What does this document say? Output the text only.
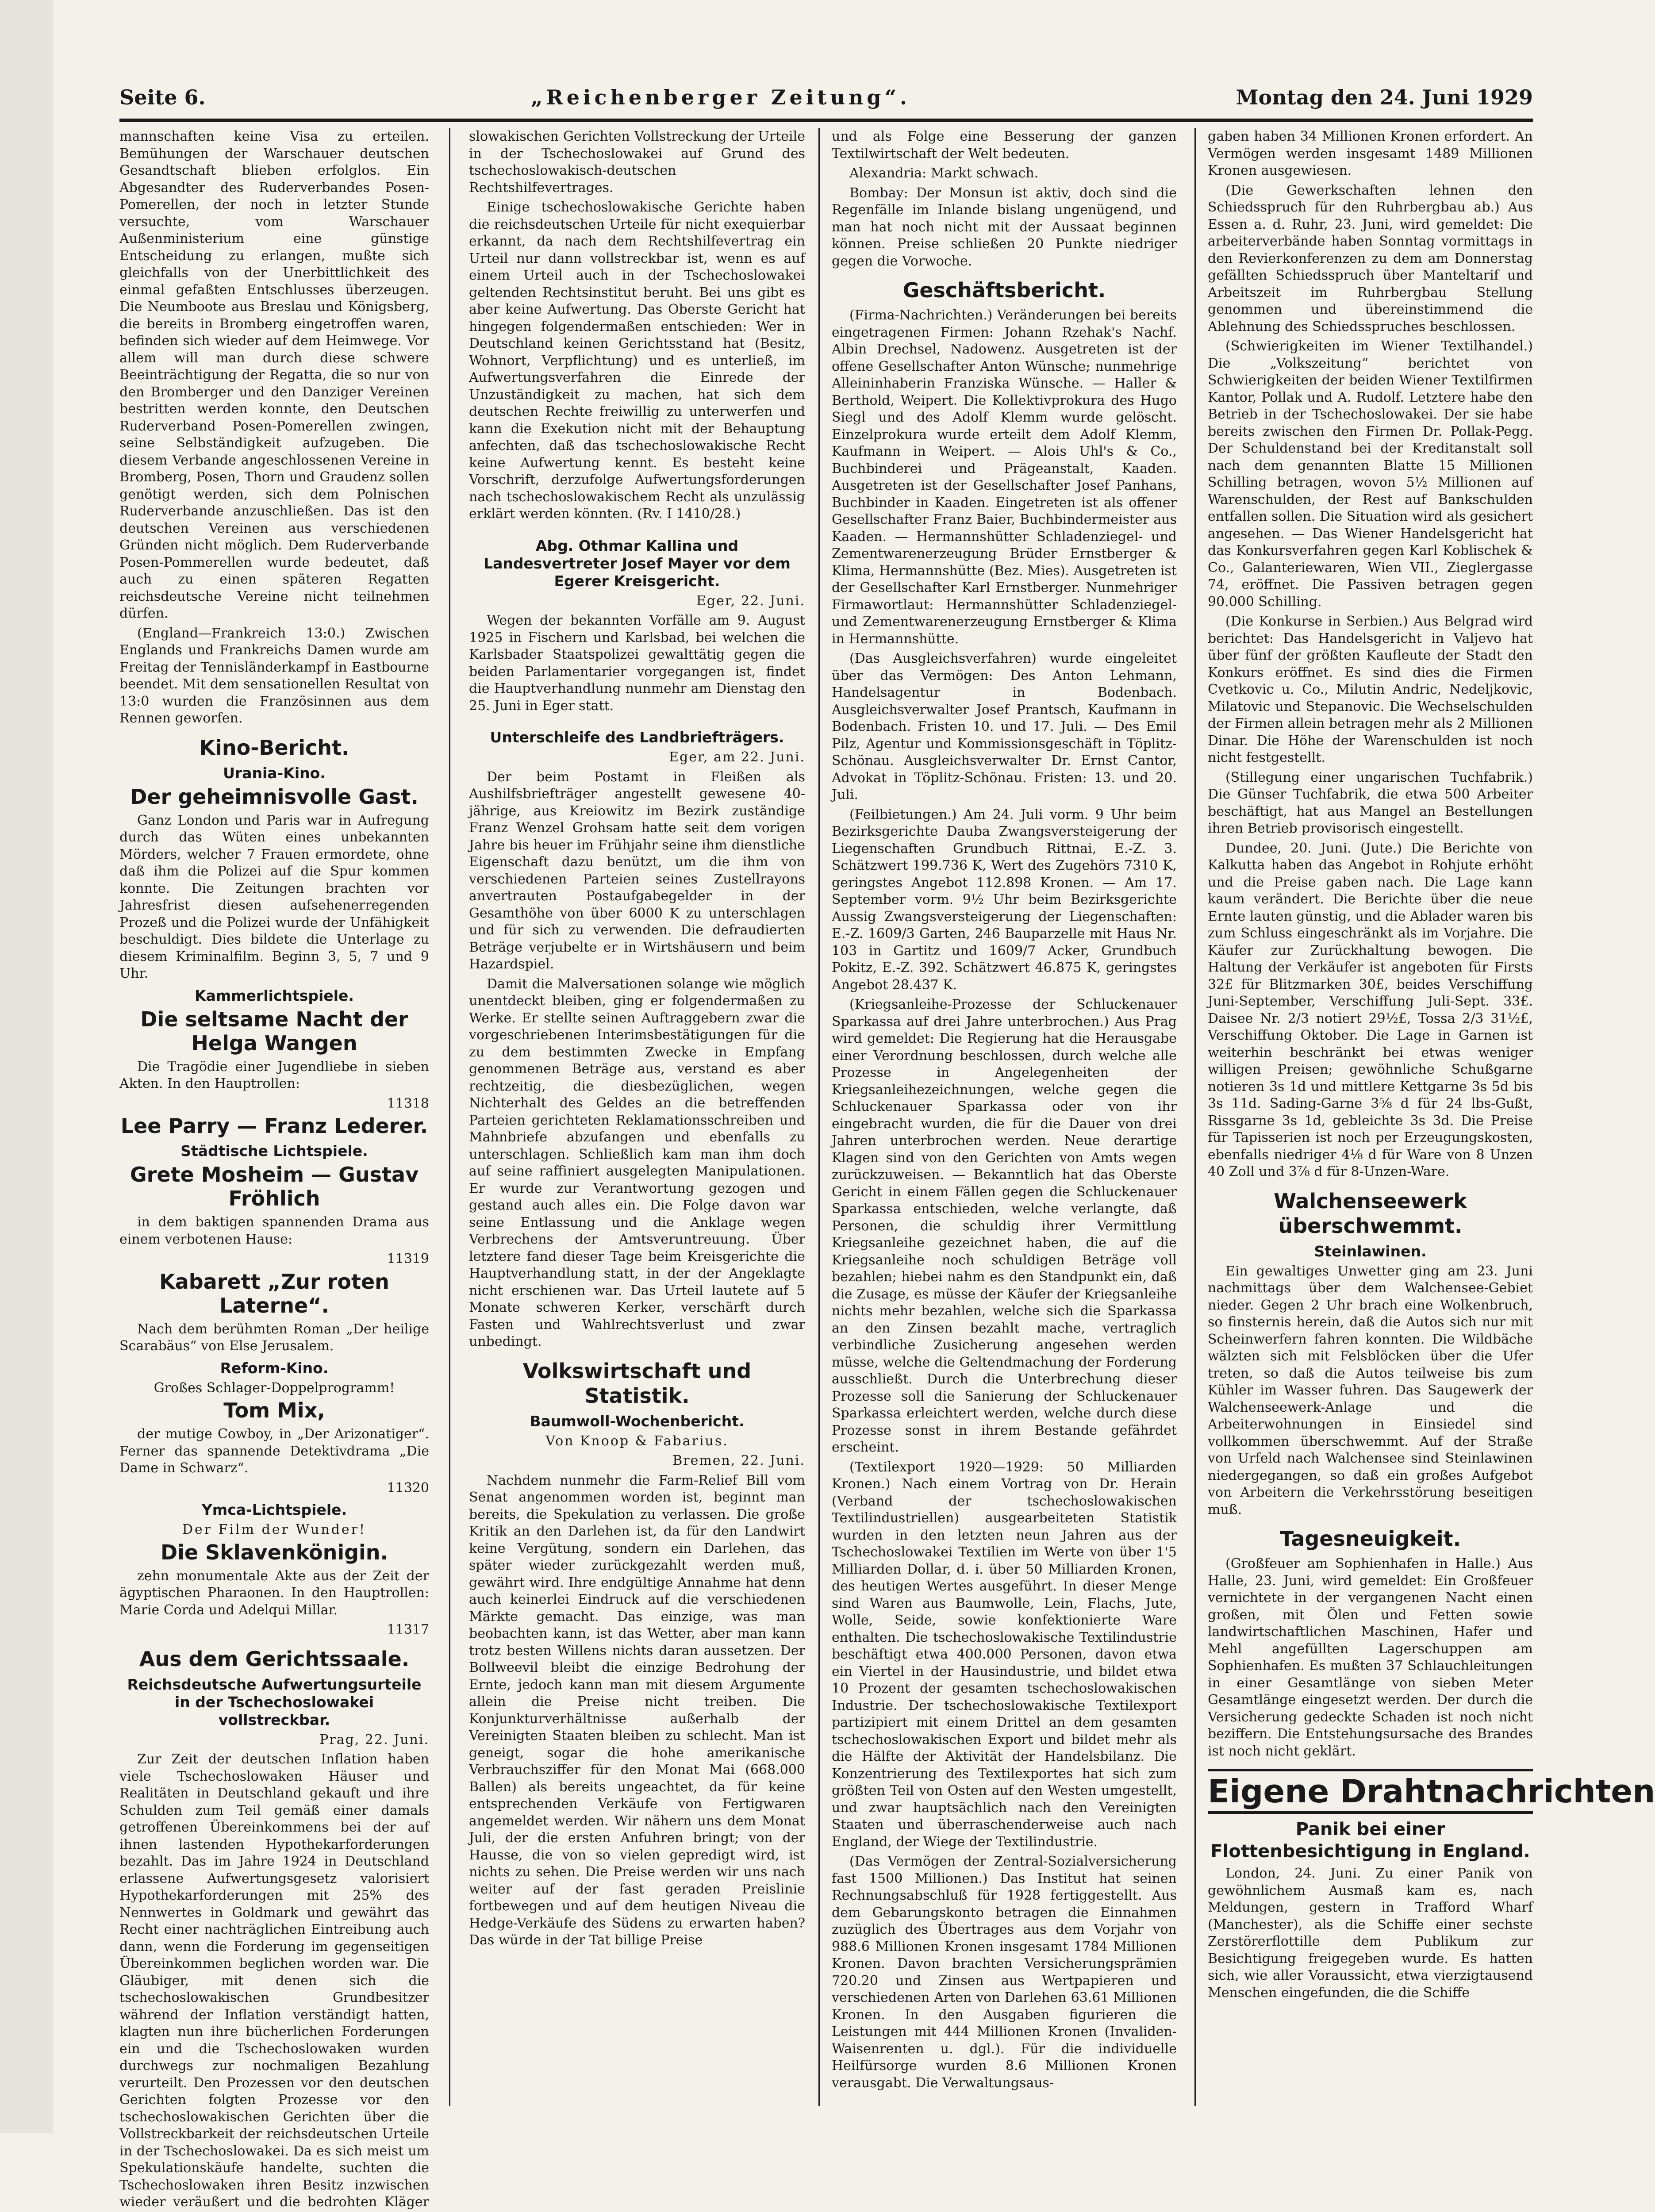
Seite 6.	„Reichenberger Zeitung“.	Montag den 24. Juni 1929

mannschaften keine Visa zu erteilen. Bemühungen der Warschauer deutschen Gesandtschaft blieben erfolglos. Ein Abgesandter des Ruderverbandes Posen-Pomerellen, der noch in letzter Stunde versuchte, vom Warschauer Außenministerium eine günstige Entscheidung zu erlangen, mußte sich gleichfalls von der Unerbittlichkeit des einmal gefaßten Entschlusses überzeugen. Die Neumboote aus Breslau und Königsberg, die bereits in Bromberg eingetroffen waren, befinden sich wieder auf dem Heimwege. Vor allem will man durch diese schwere Beeinträchtigung der Regatta, die so nur von den Bromberger und den Danziger Vereinen bestritten werden konnte, den Deutschen Ruderverband Posen-Pomerellen zwingen, seine Selbständigkeit aufzugeben. Die diesem Verbande angeschlossenen Vereine in Bromberg, Posen, Thorn und Graudenz sollen genötigt werden, sich dem Polnischen Ruderverbande anzuschließen. Das ist den deutschen Vereinen aus verschiedenen Gründen nicht möglich. Dem Ruderverbande Posen-Pommerellen wurde bedeutet, daß auch zu einen späteren Regatten reichsdeutsche Vereine nicht teilnehmen dürfen.

(England—Frankreich 13:0.) Zwischen Englands und Frankreichs Damen wurde am Freitag der Tennisländerkampf in Eastbourne beendet. Mit dem sensationellen Resultat von 13:0 wurden die Französinnen aus dem Rennen geworfen.

Kino-Bericht.
Urania-Kino.
Der geheimnisvolle Gast.

Ganz London und Paris war in Aufregung durch das Wüten eines unbekannten Mörders, welcher 7 Frauen ermordete, ohne daß ihm die Polizei auf die Spur kommen konnte. Die Zeitungen brachten vor Jahresfrist diesen aufsehenerregenden Prozeß und die Polizei wurde der Unfähigkeit beschuldigt. Dies bildete die Unterlage zu diesem Kriminalfilm. Beginn 3, 5, 7 und 9 Uhr.

Kammerlichtspiele.
Die seltsame Nacht der Helga Wangen

Die Tragödie einer Jugendliebe in sieben Akten. In den Hauptrollen:

11318
Lee Parry — Franz Lederer.
Städtische Lichtspiele.
Grete Mosheim — Gustav Fröhlich

in dem baktigen spannenden Drama aus einem verbotenen Hause:

11319
Kabarett „Zur roten Laterne“.

Nach dem berühmten Roman „Der heilige Scarabäus“ von Else Jerusalem.

Reform-Kino.
Großes Schlager-Doppelprogramm!
Tom Mix,

der mutige Cowboy, in „Der Arizonatiger“. Ferner das spannende Detektivdrama „Die Dame in Schwarz“.

11320
Ymca-Lichtspiele.
Der Film der Wunder!
Die Sklavenkönigin.

zehn monumentale Akte aus der Zeit der ägyptischen Pharaonen. In den Hauptrollen: Marie Corda und Adelqui Millar.

11317
Aus dem Gerichtssaale.
Reichsdeutsche Aufwertungsurteile in der Tschechoslowakei vollstreckbar.
Prag, 22. Juni.

Zur Zeit der deutschen Inflation haben viele Tschechoslowaken Häuser und Realitäten in Deutschland gekauft und ihre Schulden zum Teil gemäß einer damals getroffenen Übereinkommens bei der auf ihnen lastenden Hypothekarforderungen bezahlt. Das im Jahre 1924 in Deutschland erlassene Aufwertungsgesetz valorisiert Hypothekarforderungen mit 25% des Nennwertes in Goldmark und gewährt das Recht einer nachträglichen Eintreibung auch dann, wenn die Forderung im gegenseitigen Übereinkommen beglichen worden war. Die Gläubiger, mit denen sich die tschechoslowakischen Grundbesitzer während der Inflation verständigt hatten, klagten nun ihre bücherlichen Forderungen ein und die Tschechoslowaken wurden durchwegs zur nochmaligen Bezahlung verurteilt. Den Prozessen vor den deutschen Gerichten folgten Prozesse vor den tschechoslowakischen Gerichten über die Vollstreckbarkeit der reichsdeutschen Urteile in der Tschechoslowakei. Da es sich meist um Spekulationskäufe handelte, suchten die Tschechoslowaken ihren Besitz inzwischen wieder veräußert und die bedrohten Kläger

slowakischen Gerichten Vollstreckung der Urteile in der Tschechoslowakei auf Grund des tschechoslowakisch-deutschen Rechtshilfevertrages.

Einige tschechoslowakische Gerichte haben die reichsdeutschen Urteile für nicht exequierbar erkannt, da nach dem Rechtshilfevertrag ein Urteil nur dann vollstreckbar ist, wenn es auf einem Urteil auch in der Tschechoslowakei geltenden Rechtsinstitut beruht. Bei uns gibt es aber keine Aufwertung. Das Oberste Gericht hat hingegen folgendermaßen entschieden: Wer in Deutschland keinen Gerichtsstand hat (Besitz, Wohnort, Verpflichtung) und es unterließ, im Aufwertungsverfahren die Einrede der Unzuständigkeit zu machen, hat sich dem deutschen Rechte freiwillig zu unterwerfen und kann die Exekution nicht mit der Behauptung anfechten, daß das tschechoslowakische Recht keine Aufwertung kennt. Es besteht keine Vorschrift, derzufolge Aufwertungsforderungen nach tschechoslowakischem Recht als unzulässig erklärt werden könnten. (Rv. I 1410/28.)

Abg. Othmar Kallina und Landesvertreter Josef Mayer vor dem Egerer Kreisgericht.
Eger, 22. Juni.

Wegen der bekannten Vorfälle am 9. August 1925 in Fischern und Karlsbad, bei welchen die Karlsbader Staatspolizei gewalttätig gegen die beiden Parlamentarier vorgegangen ist, findet die Hauptverhandlung nunmehr am Dienstag den 25. Juni in Eger statt.

Unterschleife des Landbriefträgers.
Eger, am 22. Juni.

Der beim Postamt in Fleißen als Aushilfsbriefträger angestellt gewesene 40-jährige, aus Kreiowitz im Bezirk zuständige Franz Wenzel Grohsam hatte seit dem vorigen Jahre bis heuer im Frühjahr seine ihm dienstliche Eigenschaft dazu benützt, um die ihm von verschiedenen Parteien seines Zustellrayons anvertrauten Postaufgabegelder in der Gesamthöhe von über 6000 K zu unterschlagen und für sich zu verwenden. Die defraudierten Beträge verjubelte er in Wirtshäusern und beim Hazardspiel.

Damit die Malversationen solange wie möglich unentdeckt bleiben, ging er folgendermaßen zu Werke. Er stellte seinen Auftraggebern zwar die vorgeschriebenen Interimsbestätigungen für die zu dem bestimmten Zwecke in Empfang genommenen Beträge aus, verstand es aber rechtzeitig, die diesbezüglichen, wegen Nichterhalt des Geldes an die betreffenden Parteien gerichteten Reklamationsschreiben und Mahnbriefe abzufangen und ebenfalls zu unterschlagen. Schließlich kam man ihm doch auf seine raffiniert ausgelegten Manipulationen. Er wurde zur Verantwortung gezogen und gestand auch alles ein. Die Folge davon war seine Entlassung und die Anklage wegen Verbrechens der Amtsveruntreuung. Über letztere fand dieser Tage beim Kreisgerichte die Hauptverhandlung statt, in der der Angeklagte nicht erschienen war. Das Urteil lautete auf 5 Monate schweren Kerker, verschärft durch Fasten und Wahlrechtsverlust und zwar unbedingt.

Volkswirtschaft und Statistik.
Baumwoll-Wochenbericht.
Von Knoop & Fabarius.
Bremen, 22. Juni.

Nachdem nunmehr die Farm-Relief Bill vom Senat angenommen worden ist, beginnt man bereits, die Spekulation zu verlassen. Die große Kritik an den Darlehen ist, da für den Landwirt keine Vergütung, sondern ein Darlehen, das später wieder zurückgezahlt werden muß, gewährt wird. Ihre endgültige Annahme hat denn auch keinerlei Eindruck auf die verschiedenen Märkte gemacht. Das einzige, was man beobachten kann, ist das Wetter, aber man kann trotz besten Willens nichts daran aussetzen. Der Bollweevil bleibt die einzige Bedrohung der Ernte, jedoch kann man mit diesem Argumente allein die Preise nicht treiben. Die Konjunkturverhältnisse außerhalb der Vereinigten Staaten bleiben zu schlecht. Man ist geneigt, sogar die hohe amerikanische Verbrauchsziffer für den Monat Mai (668.000 Ballen) als bereits ungeachtet, da für keine entsprechenden Verkäufe von Fertigwaren angemeldet werden. Wir nähern uns dem Monat Juli, der die ersten Anfuhren bringt; von der Hausse, die von so vielen gepredigt wird, ist nichts zu sehen. Die Preise werden wir uns nach weiter auf der fast geraden Preislinie fortbewegen und auf dem heutigen Niveau die Hedge-Verkäufe des Südens zu erwarten haben? Das würde in der Tat billige Preise

und als Folge eine Besserung der ganzen Textilwirtschaft der Welt bedeuten.

Alexandria: Markt schwach.

Bombay: Der Monsun ist aktiv, doch sind die Regenfälle im Inlande bislang ungenügend, und man hat noch nicht mit der Aussaat beginnen können. Preise schließen 20 Punkte niedriger gegen die Vorwoche.

Geschäftsbericht.

(Firma-Nachrichten.) Veränderungen bei bereits eingetragenen Firmen: Johann Rzehak's Nachf. Albin Drechsel, Nadowenz. Ausgetreten ist der offene Gesellschafter Anton Wünsche; nunmehrige Alleininhaberin Franziska Wünsche. — Haller & Berthold, Weipert. Die Kollektivprokura des Hugo Siegl und des Adolf Klemm wurde gelöscht. Einzelprokura wurde erteilt dem Adolf Klemm, Kaufmann in Weipert. — Alois Uhl's & Co., Buchbinderei und Prägeanstalt, Kaaden. Ausgetreten ist der Gesellschafter Josef Panhans, Buchbinder in Kaaden. Eingetreten ist als offener Gesellschafter Franz Baier, Buchbindermeister aus Kaaden. — Hermannshütter Schladenziegel- und Zementwarenerzeugung Brüder Ernstberger & Klima, Hermannshütte (Bez. Mies). Ausgetreten ist der Gesellschafter Karl Ernstberger. Nunmehriger Firmawortlaut: Hermannshütter Schladenziegel- und Zementwarenerzeugung Ernstberger & Klima in Hermannshütte.

(Das Ausgleichsverfahren) wurde eingeleitet über das Vermögen: Des Anton Lehmann, Handelsagentur in Bodenbach. Ausgleichsverwalter Josef Prantsch, Kaufmann in Bodenbach. Fristen 10. und 17. Juli. — Des Emil Pilz, Agentur und Kommissionsgeschäft in Töplitz-Schönau. Ausgleichsverwalter Dr. Ernst Cantor, Advokat in Töplitz-Schönau. Fristen: 13. und 20. Juli.

(Feilbietungen.) Am 24. Juli vorm. 9 Uhr beim Bezirksgerichte Dauba Zwangsversteigerung der Liegenschaften Grundbuch Rittnai, E.-Z. 3. Schätzwert 199.736 K, Wert des Zugehörs 7310 K, geringstes Angebot 112.898 Kronen. — Am 17. September vorm. 9½ Uhr beim Bezirksgerichte Aussig Zwangsversteigerung der Liegenschaften: E.-Z. 1609/3 Garten, 246 Bauparzelle mit Haus Nr. 103 in Gartitz und 1609/7 Acker, Grundbuch Pokitz, E.-Z. 392. Schätzwert 46.875 K, geringstes Angebot 28.437 K.

(Kriegsanleihe-Prozesse der Schluckenauer Sparkassa auf drei Jahre unterbrochen.) Aus Prag wird gemeldet: Die Regierung hat die Herausgabe einer Verordnung beschlossen, durch welche alle Prozesse in Angelegenheiten der Kriegsanleihezeichnungen, welche gegen die Schluckenauer Sparkassa oder von ihr eingebracht wurden, die für die Dauer von drei Jahren unterbrochen werden. Neue derartige Klagen sind von den Gerichten von Amts wegen zurückzuweisen. — Bekanntlich hat das Oberste Gericht in einem Fällen gegen die Schluckenauer Sparkassa entschieden, welche verlangte, daß Personen, die schuldig ihrer Vermittlung Kriegsanleihe gezeichnet haben, die auf die Kriegsanleihe noch schuldigen Beträge voll bezahlen; hiebei nahm es den Standpunkt ein, daß die Zusage, es müsse der Käufer der Kriegsanleihe nichts mehr bezahlen, welche sich die Sparkassa an den Zinsen bezahlt mache, vertraglich verbindliche Zusicherung angesehen werden müsse, welche die Geltendmachung der Forderung ausschließt. Durch die Unterbrechung dieser Prozesse soll die Sanierung der Schluckenauer Sparkassa erleichtert werden, welche durch diese Prozesse sonst in ihrem Bestande gefährdet erscheint.

(Textilexport 1920—1929: 50 Milliarden Kronen.) Nach einem Vortrag von Dr. Herain (Verband der tschechoslowakischen Textilindustriellen) ausgearbeiteten Statistik wurden in den letzten neun Jahren aus der Tschechoslowakei Textilien im Werte von über 1'5 Milliarden Dollar, d. i. über 50 Milliarden Kronen, des heutigen Wertes ausgeführt. In dieser Menge sind Waren aus Baumwolle, Lein, Flachs, Jute, Wolle, Seide, sowie konfektionierte Ware enthalten. Die tschechoslowakische Textilindustrie beschäftigt etwa 400.000 Personen, davon etwa ein Viertel in der Hausindustrie, und bildet etwa 10 Prozent der gesamten tschechoslowakischen Industrie. Der tschechoslowakische Textilexport partizipiert mit einem Drittel an dem gesamten tschechoslowakischen Export und bildet mehr als die Hälfte der Aktivität der Handelsbilanz. Die Konzentrierung des Textilexportes hat sich zum größten Teil von Osten auf den Westen umgestellt, und zwar hauptsächlich nach den Vereinigten Staaten und überraschenderweise auch nach England, der Wiege der Textilindustrie.

(Das Vermögen der Zentral-Sozialversicherung fast 1500 Millionen.) Das Institut hat seinen Rechnungsabschluß für 1928 fertiggestellt. Aus dem Gebarungskonto betragen die Einnahmen zuzüglich des Übertrages aus dem Vorjahr von 988.6 Millionen Kronen insgesamt 1784 Millionen Kronen. Davon brachten Versicherungsprämien 720.20 und Zinsen aus Wertpapieren und verschiedenen Arten von Darlehen 63.61 Millionen Kronen. In den Ausgaben figurieren die Leistungen mit 444 Millionen Kronen (Invaliden-Waisenrenten u. dgl.). Für die individuelle Heilfürsorge wurden 8.6 Millionen Kronen verausgabt. Die Verwaltungsaus-

gaben haben 34 Millionen Kronen erfordert. An Vermögen werden insgesamt 1489 Millionen Kronen ausgewiesen.

(Die Gewerkschaften lehnen den Schiedsspruch für den Ruhrbergbau ab.) Aus Essen a. d. Ruhr, 23. Juni, wird gemeldet: Die arbeiterverbände haben Sonntag vormittags in den Revierkonferenzen zu dem am Donnerstag gefällten Schiedsspruch über Manteltarif und Arbeitszeit im Ruhrbergbau Stellung genommen und übereinstimmend die Ablehnung des Schiedsspruches beschlossen.

(Schwierigkeiten im Wiener Textilhandel.) Die „Volkszeitung“ berichtet von Schwierigkeiten der beiden Wiener Textilfirmen Kantor, Pollak und A. Rudolf. Letztere habe den Betrieb in der Tschechoslowakei. Der sie habe bereits zwischen den Firmen Dr. Pollak-Pegg. Der Schuldenstand bei der Kreditanstalt soll nach dem genannten Blatte 15 Millionen Schilling betragen, wovon 5½ Millionen auf Warenschulden, der Rest auf Bankschulden entfallen sollen. Die Situation wird als gesichert angesehen. — Das Wiener Handelsgericht hat das Konkursverfahren gegen Karl Koblischek & Co., Galanteriewaren, Wien VII., Zieglergasse 74, eröffnet. Die Passiven betragen gegen 90.000 Schilling.

(Die Konkurse in Serbien.) Aus Belgrad wird berichtet: Das Handelsgericht in Valjevo hat über fünf der größten Kaufleute der Stadt den Konkurs eröffnet. Es sind dies die Firmen Cvetkovic u. Co., Milutin Andric, Nedeljkovic, Milatovic und Stepanovic. Die Wechselschulden der Firmen allein betragen mehr als 2 Millionen Dinar. Die Höhe der Warenschulden ist noch nicht festgestellt.

(Stillegung einer ungarischen Tuchfabrik.) Die Günser Tuchfabrik, die etwa 500 Arbeiter beschäftigt, hat aus Mangel an Bestellungen ihren Betrieb provisorisch eingestellt.

Dundee, 20. Juni. (Jute.) Die Berichte von Kalkutta haben das Angebot in Rohjute erhöht und die Preise gaben nach. Die Lage kann kaum verändert. Die Berichte über die neue Ernte lauten günstig, und die Ablader waren bis zum Schluss eingeschränkt als im Vorjahre. Die Käufer zur Zurückhaltung bewogen. Die Haltung der Verkäufer ist angeboten für Firsts 32£ für Blitzmarken 30£, beides Verschiffung Juni-September, Verschiffung Juli-Sept. 33£. Daisee Nr. 2/3 notiert 29½£, Tossa 2/3 31½£, Verschiffung Oktober. Die Lage in Garnen ist weiterhin beschränkt bei etwas weniger willigen Preisen; gewöhnliche Schußgarne notieren 3s 1d und mittlere Kettgarne 3s 5d bis 3s 11d. Sading-Garne 3⅝ d für 24 lbs-Gußt, Rissgarne 3s 1d, gebleichte 3s 3d. Die Preise für Tapisserien ist noch per Erzeugungskosten, ebenfalls niedriger 4⅛ d für Ware von 8 Unzen 40 Zoll und 3⅞ d für 8-Unzen-Ware.

Walchenseewerk überschwemmt.
Steinlawinen.

Ein gewaltiges Unwetter ging am 23. Juni nachmittags über dem Walchensee-Gebiet nieder. Gegen 2 Uhr brach eine Wolkenbruch, so finsternis herein, daß die Autos sich nur mit Scheinwerfern fahren konnten. Die Wildbäche wälzten sich mit Felsblöcken über die Ufer treten, so daß die Autos teilweise bis zum Kühler im Wasser fuhren. Das Saugewerk der Walchenseewerk-Anlage und die Arbeiterwohnungen in Einsiedel sind vollkommen überschwemmt. Auf der Straße von Urfeld nach Walchensee sind Steinlawinen niedergegangen, so daß ein großes Aufgebot von Arbeitern die Verkehrsstörung beseitigen muß.

Tagesneuigkeit.

(Großfeuer am Sophienhafen in Halle.) Aus Halle, 23. Juni, wird gemeldet: Ein Großfeuer vernichtete in der vergangenen Nacht einen großen, mit Ölen und Fetten sowie landwirtschaftlichen Maschinen, Hafer und Mehl angefüllten Lagerschuppen am Sophienhafen. Es mußten 37 Schlauchleitungen in einer Gesamtlänge von sieben Meter Gesamtlänge eingesetzt werden. Der durch die Versicherung gedeckte Schaden ist noch nicht beziffern. Die Entstehungsursache des Brandes ist noch nicht geklärt.

Eigene Drahtnachrichten
Panik bei einer Flottenbesichtigung in England.

London, 24. Juni. Zu einer Panik von gewöhnlichem Ausmaß kam es, nach Meldungen, gestern in Trafford Wharf (Manchester), als die Schiffe einer sechste Zerstörerflottille dem Publikum zur Besichtigung freigegeben wurde. Es hatten sich, wie aller Voraussicht, etwa vierzigtausend Menschen eingefunden, die die Schiffe
